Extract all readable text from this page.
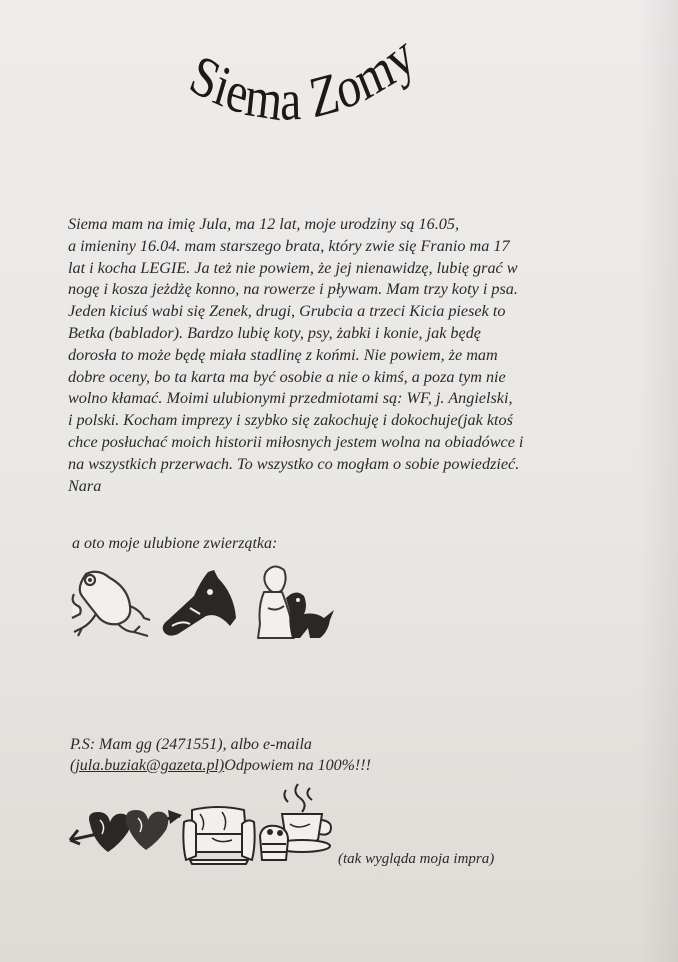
Siema Zomy
Siema mam na imię Jula, ma 12 lat, moje urodziny są 16.05,
a imieniny 16.04. mam starszego brata, który zwie się Franio ma 17
lat i kocha LEGIE. Ja też nie powiem, że jej nienawidzę, lubię grać w
nogę i kosza jeżdżę konno, na rowerze i pływam. Mam trzy koty i psa.
Jeden kiciuś wabi się Zenek, drugi, Grubcia a trzeci Kicia piesek to
Betka (bablador). Bardzo lubię koty, psy, żabki i konie, jak będę
dorosła to może będę miała stadlinę z końmi. Nie powiem, że mam
dobre oceny, bo ta karta ma być osobie a nie o kimś, a poza tym nie
wolno kłamać. Moimi ulubionymi przedmiotami są: WF, j. Angielski,
i polski. Kocham imprezy i szybko się zakochuję i dokochuje(jak ktoś
chce posłuchać moich historii miłosnych jestem wolna na obiadówce i
na wszystkich przerwach. To wszystko co mogłam o sobie powiedzieć.
Nara
a oto moje ulubione zwierzątka:
P.S: Mam gg (2471551), albo e-maila
(jula.buziak@gazeta.pl)Odpowiem na 100%!!!
(tak wygląda moja impra)
